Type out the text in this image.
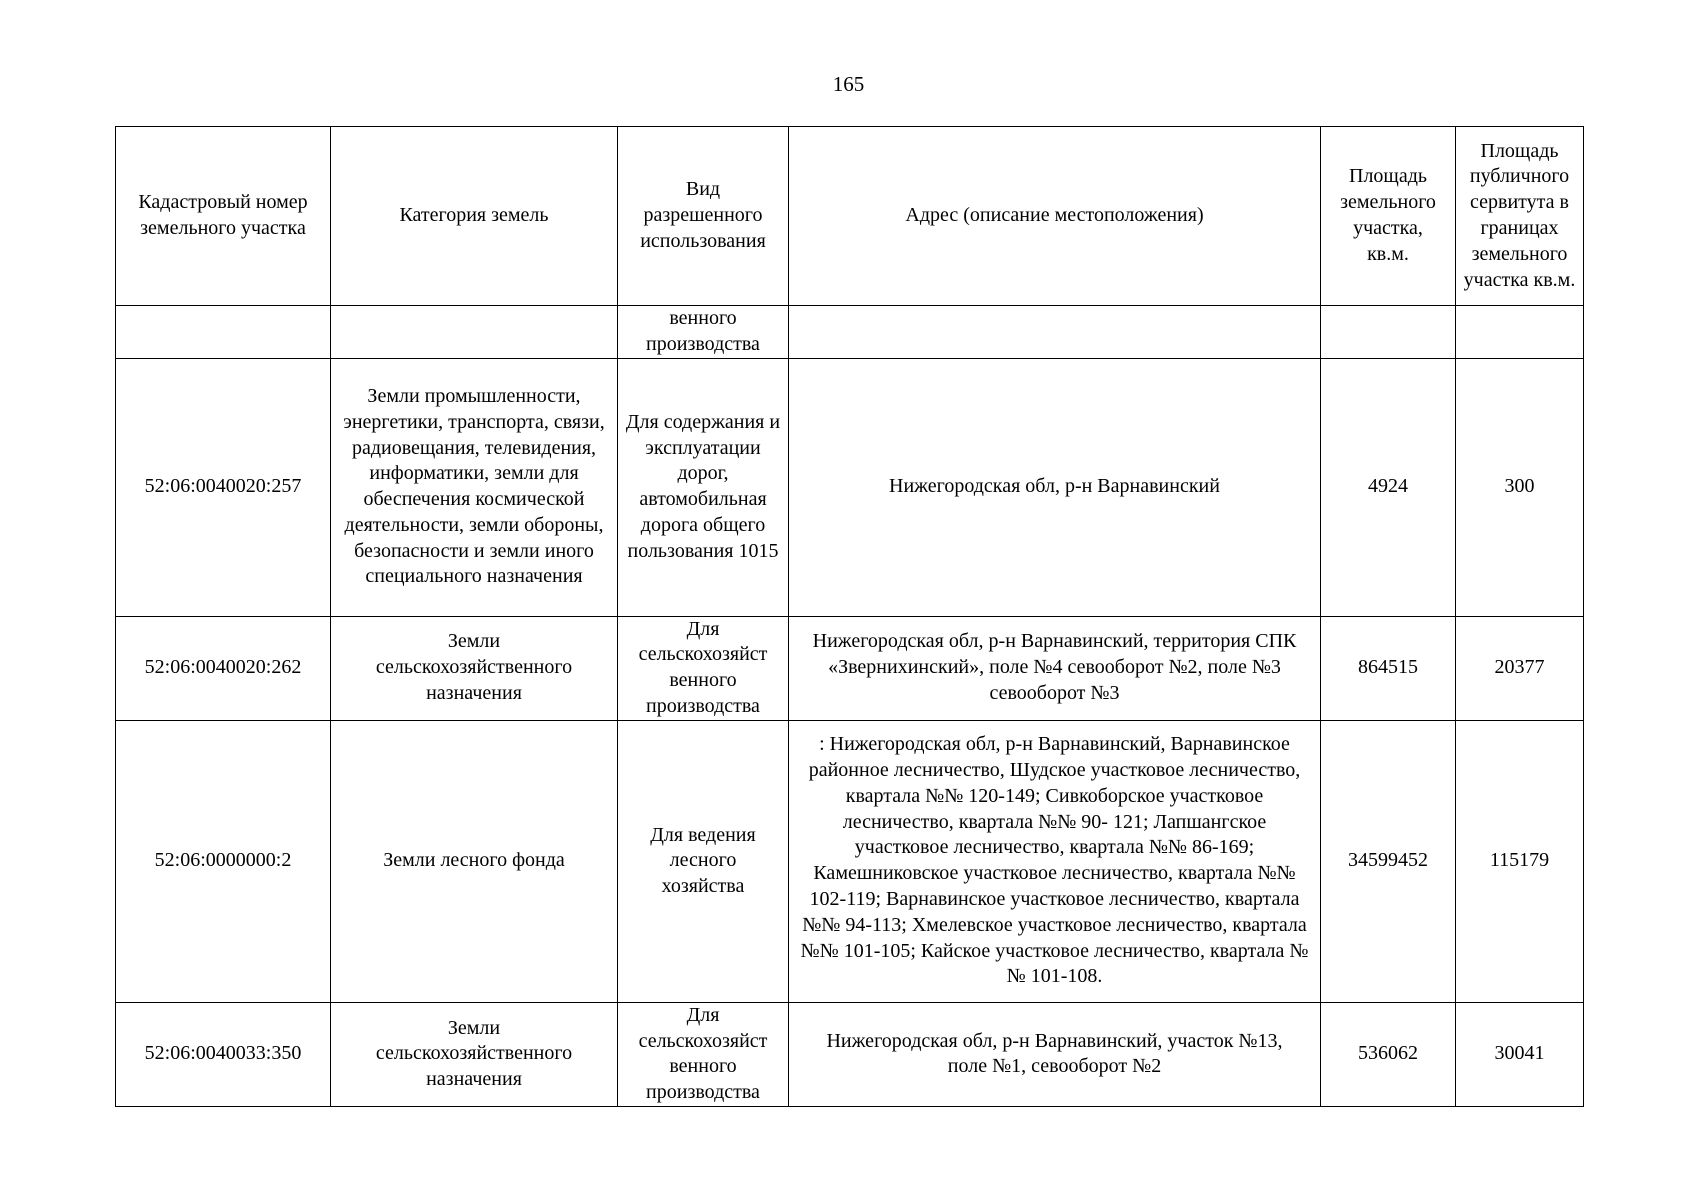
165
Кадастровый номер земельного участка	Категория земель	Вид разрешенного использования	Адрес (описание местоположения)	Площадь земельного участка, кв.м.	Площадь публичного сервитута в границах земельного участка кв.м.

		венного производства			

52:06:0040020:257	Земли промышленности, энергетики, транспорта, связи, радиовещания, телевидения, информатики, земли для обеспечения космической деятельности, земли обороны, безопасности и земли иного специального назначения	Для содержания и эксплуатации дорог, автомобильная дорога общего пользования 1015	Нижегородская обл, р-н Варнавинский	4924	300
52:06:0040020:262	Земли сельскохозяйственного назначения	Для сельскохозяйст венного производства	Нижегородская обл, р-н Варнавинский, территория СПК «Звернихинский», поле №4 севооборот №2, поле №3 севооборот №3	864515	20377
52:06:0000000:2	Земли лесного фонда	Для ведения лесного хозяйства	: Нижегородская обл, р-н Варнавинский, Варнавинское районное лесничество, Шудское участковое лесничество, квартала №№ 120-149; Сивкоборское участковое лесничество, квартала №№ 90- 121; Лапшангское участковое лесничество, квартала №№ 86-169; Камешниковское участковое лесничество, квартала №№ 102-119; Варнавинское участковое лесничество, квартала №№ 94-113; Хмелевское участковое лесничество, квартала №№ 101-105; Кайское участковое лесничество, квартала №№ 101-108.	34599452	115179
52:06:0040033:350	Земли сельскохозяйственного назначения	Для сельскохозяйст венного производства	Нижегородская обл, р-н Варнавинский, участок №13, поле №1, севооборот №2	536062	30041
